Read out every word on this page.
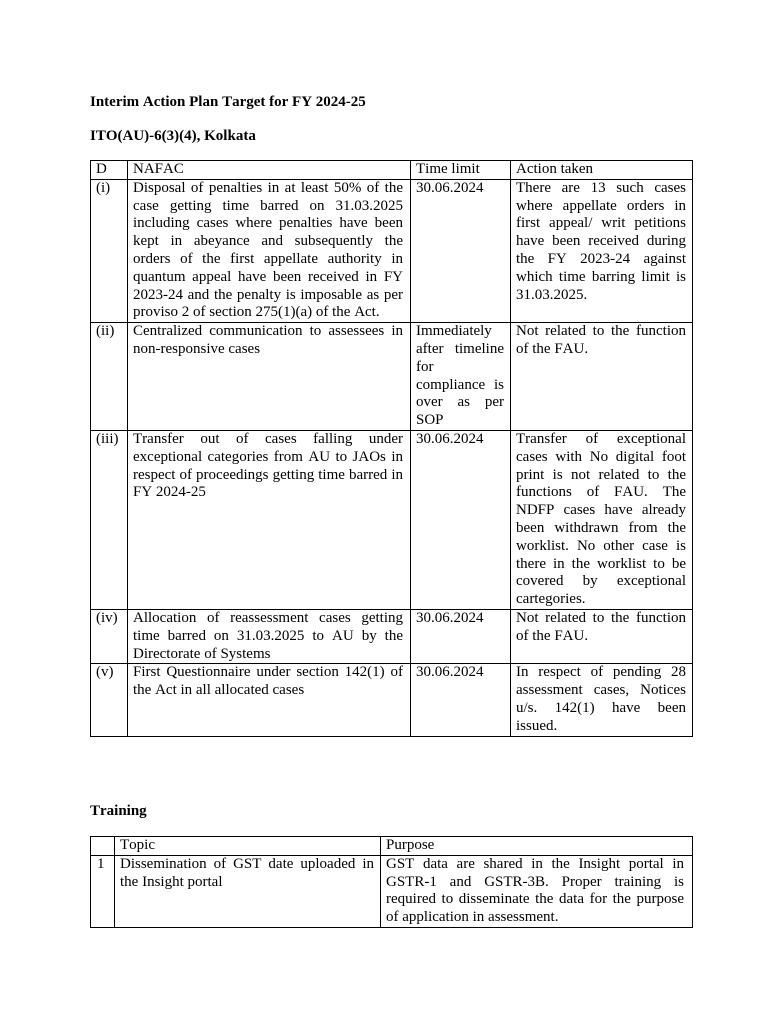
Interim Action Plan Target for FY 2024-25
ITO(AU)-6(3)(4), Kolkata
D	NAFAC	Time limit	Action taken

(i)	Disposal of penalties in at least 50% of the case getting time barred on 31.03.2025 including cases where penalties have been kept in abeyance and subsequently the orders of the first appellate authority in quantum appeal have been received in FY 2023-24 and the penalty is imposable as per proviso 2 of section 275(1)(a) of the Act.	30.06.2024	There are 13 such cases where appellate orders in first appeal/ writ petitions have been received during the FY 2023-24 against which time barring limit is 31.03.2025.

(ii)	Centralized communication to assessees in non-responsive cases	Immediately after timeline for compliance is over as per SOP	Not related to the function of the FAU.

(iii)	Transfer out of cases falling under exceptional categories from AU to JAOs in respect of proceedings getting time barred in FY 2024-25	30.06.2024	Transfer of exceptional cases with No digital foot print is not related to the functions of FAU. The NDFP cases have already been withdrawn from the worklist. No other case is there in the worklist to be covered by exceptional cartegories.

(iv)	Allocation of reassessment cases getting time barred on 31.03.2025 to AU by the Directorate of Systems	30.06.2024	Not related to the function of the FAU.

(v)	First Questionnaire under section 142(1) of the Act in all allocated cases	30.06.2024	In respect of pending 28 assessment cases, Notices u/s. 142(1) have been issued.
Training

	Topic	Purpose

1	Dissemination of GST date uploaded in the Insight portal	GST data are shared in the Insight portal in GSTR-1 and GSTR-3B. Proper training is required to disseminate the data for the purpose of application in assessment.
